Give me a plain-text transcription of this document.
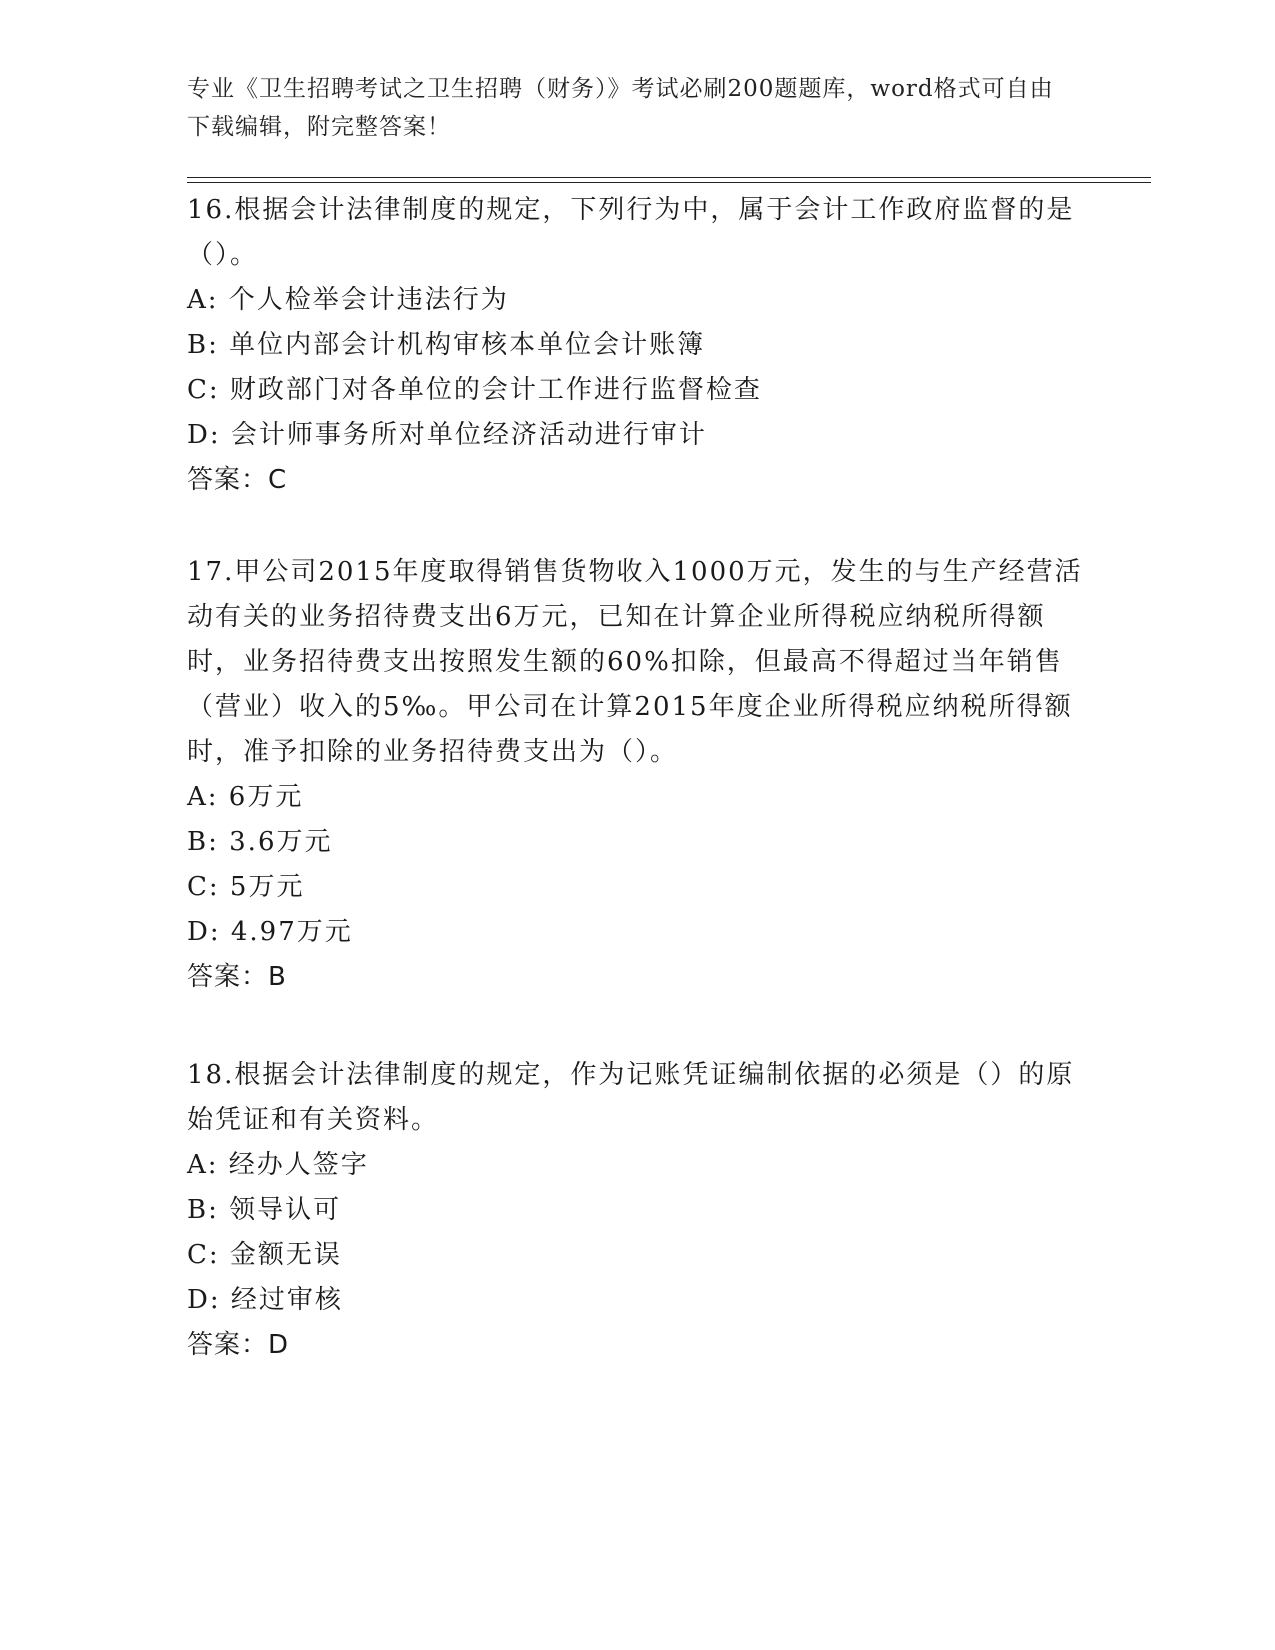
专业《卫生招聘考试之卫生招聘（财务）》考试必刷200题题库，word格式可自由下载编辑，附完整答案！
16.根据会计法律制度的规定，下列行为中，属于会计工作政府监督的是（）。
A: 个人检举会计违法行为
B: 单位内部会计机构审核本单位会计账簿
C: 财政部门对各单位的会计工作进行监督检查
D: 会计师事务所对单位经济活动进行审计
答案：C
17.甲公司2015年度取得销售货物收入1000万元，发生的与生产经营活动有关的业务招待费支出6万元，已知在计算企业所得税应纳税所得额时，业务招待费支出按照发生额的60%扣除，但最高不得超过当年销售（营业）收入的5‰。甲公司在计算2015年度企业所得税应纳税所得额时，准予扣除的业务招待费支出为（）。
A: 6万元
B: 3.6万元
C: 5万元
D: 4.97万元
答案：B
18.根据会计法律制度的规定，作为记账凭证编制依据的必须是（）的原始凭证和有关资料。
A: 经办人签字
B: 领导认可
C: 金额无误
D: 经过审核
答案：D
